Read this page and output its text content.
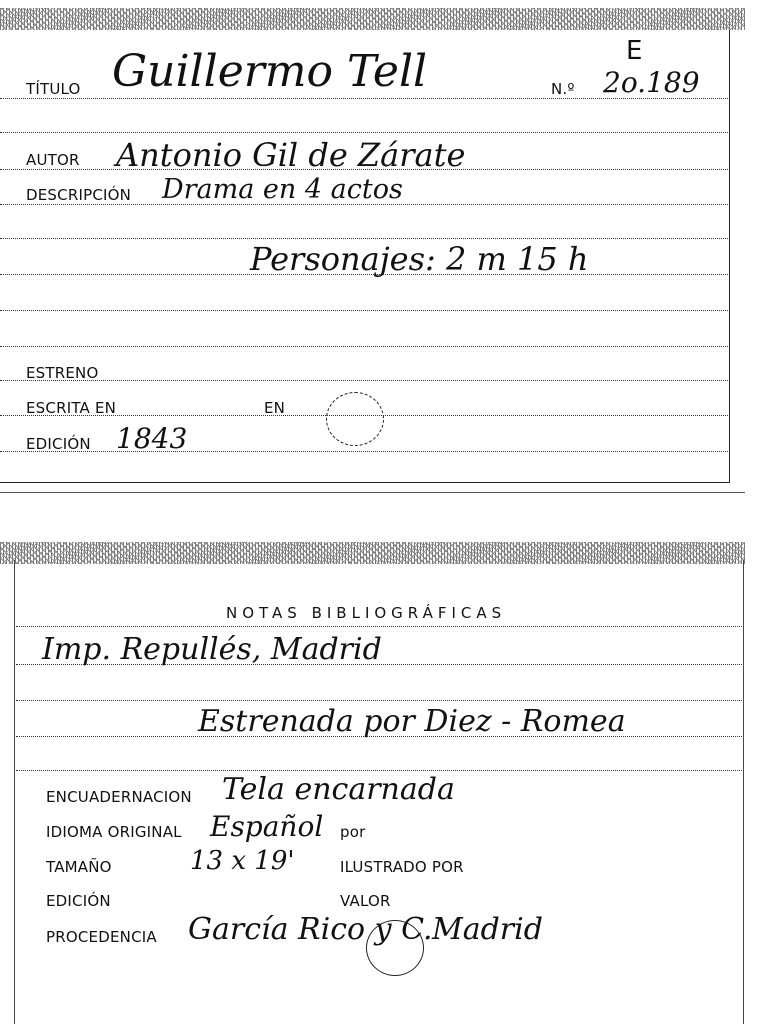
TÍTULO Guillermo Tell	N.º 2o.189
E
AUTOR Antonio Gil de Zárate
DESCRIPCIÓN Drama en 4 actos
Personajes: 2 m 15 h
ESTRENO
ESCRITA EN	EN
EDICIÓN 1843
NOTAS BIBLIOGRÁFICAS
Imp. Repullés, Madrid
Estrenada por Diez - Romea
ENCUADERNACION Tela encarnada
IDIOMA ORIGINAL Español por
TAMAÑO	13 x 19'	ILUSTRADO POR
EDICIÓN	VALOR
PROCEDENCIA García Rico y C. Madrid
